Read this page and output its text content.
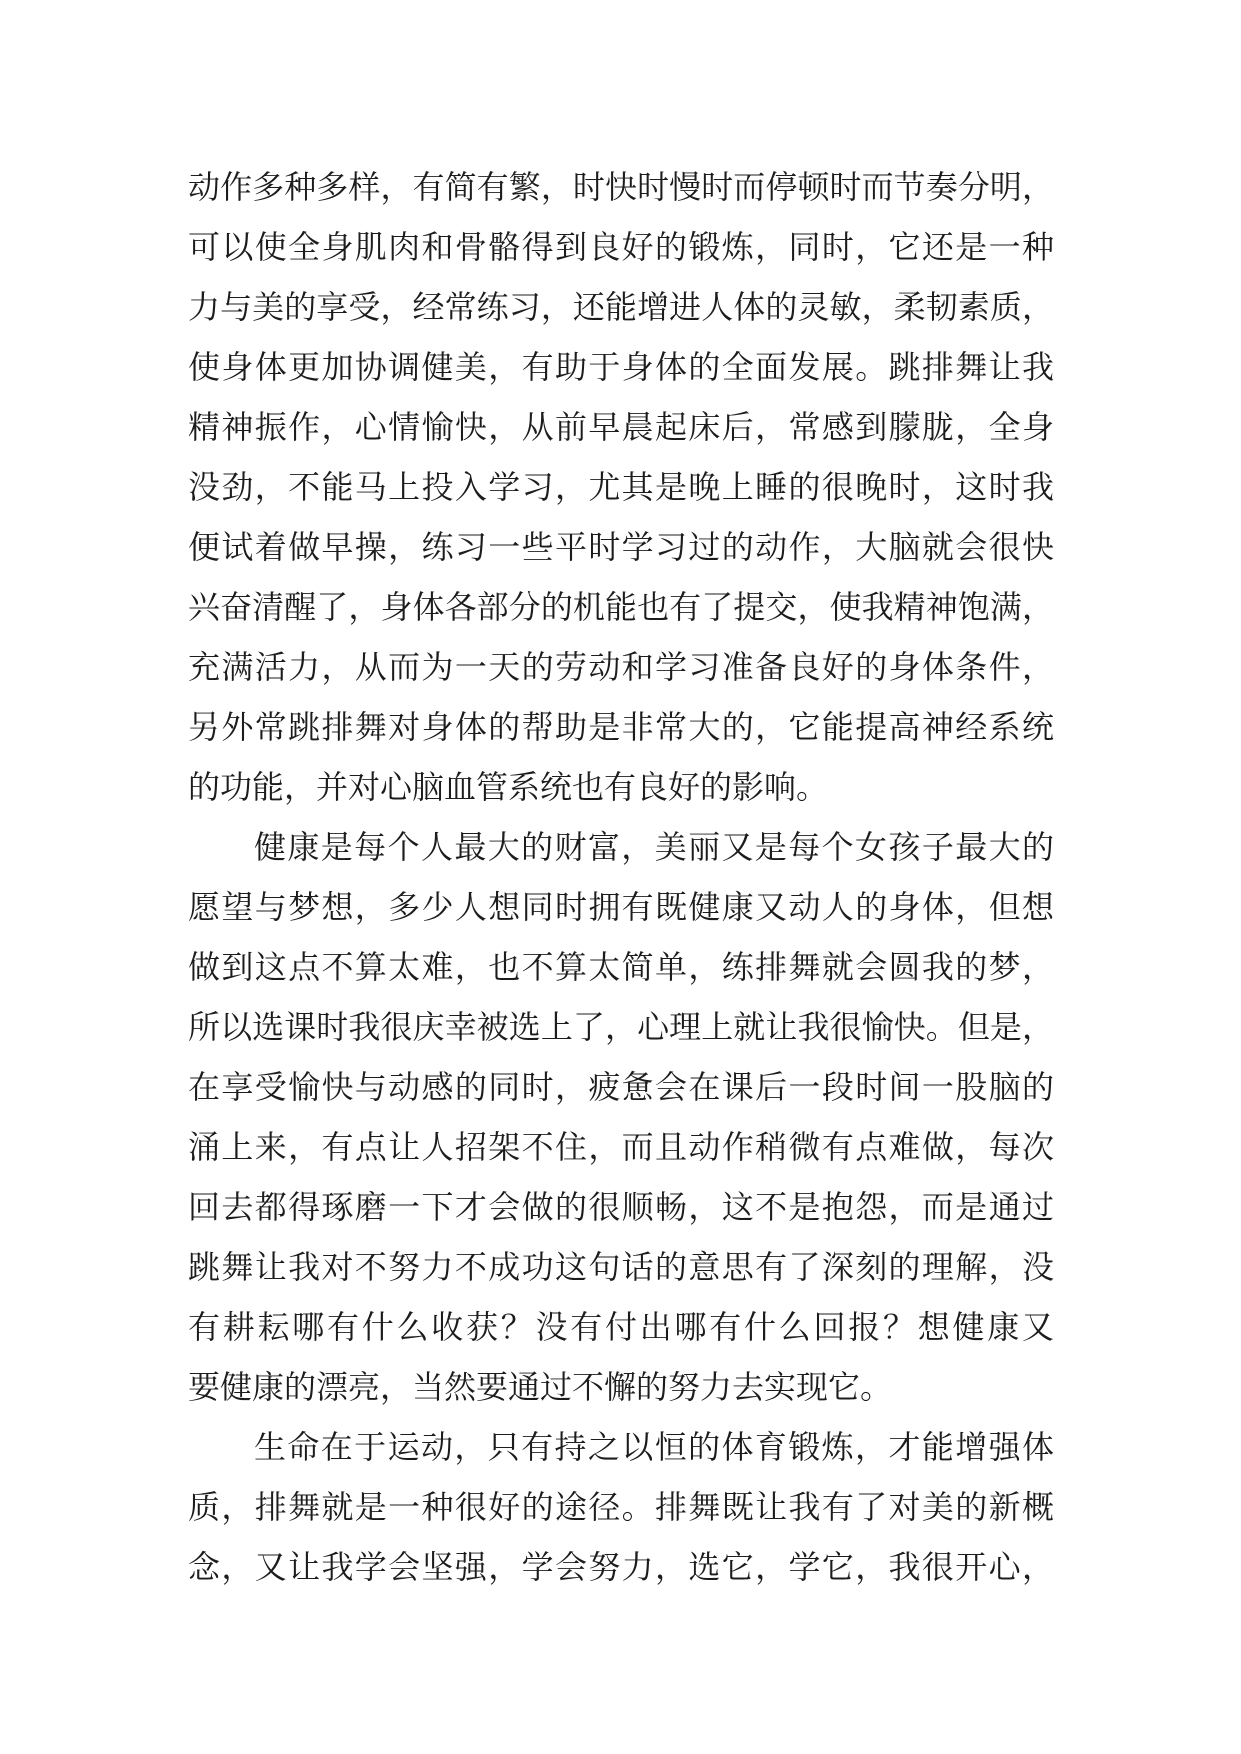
动作多种多样，有简有繁，时快时慢时而停顿时而节奏分明，
可以使全身肌肉和骨骼得到良好的锻炼，同时，它还是一种
力与美的享受，经常练习，还能增进人体的灵敏，柔韧素质，
使身体更加协调健美，有助于身体的全面发展。跳排舞让我
精神振作，心情愉快，从前早晨起床后，常感到朦胧，全身
没劲，不能马上投入学习，尤其是晚上睡的很晚时，这时我
便试着做早操，练习一些平时学习过的动作，大脑就会很快
兴奋清醒了，身体各部分的机能也有了提交，使我精神饱满，
充满活力，从而为一天的劳动和学习准备良好的身体条件，
另外常跳排舞对身体的帮助是非常大的，它能提高神经系统
的功能，并对心脑血管系统也有良好的影响。
健康是每个人最大的财富，美丽又是每个女孩子最大的
愿望与梦想，多少人想同时拥有既健康又动人的身体，但想
做到这点不算太难，也不算太简单，练排舞就会圆我的梦，
所以选课时我很庆幸被选上了，心理上就让我很愉快。但是，
在享受愉快与动感的同时，疲惫会在课后一段时间一股脑的
涌上来，有点让人招架不住，而且动作稍微有点难做，每次
回去都得琢磨一下才会做的很顺畅，这不是抱怨，而是通过
跳舞让我对不努力不成功这句话的意思有了深刻的理解，没
有耕耘哪有什么收获？没有付出哪有什么回报？想健康又
要健康的漂亮，当然要通过不懈的努力去实现它。
生命在于运动，只有持之以恒的体育锻炼，才能增强体
质，排舞就是一种很好的途径。排舞既让我有了对美的新概
念，又让我学会坚强，学会努力，选它，学它，我很开心，
